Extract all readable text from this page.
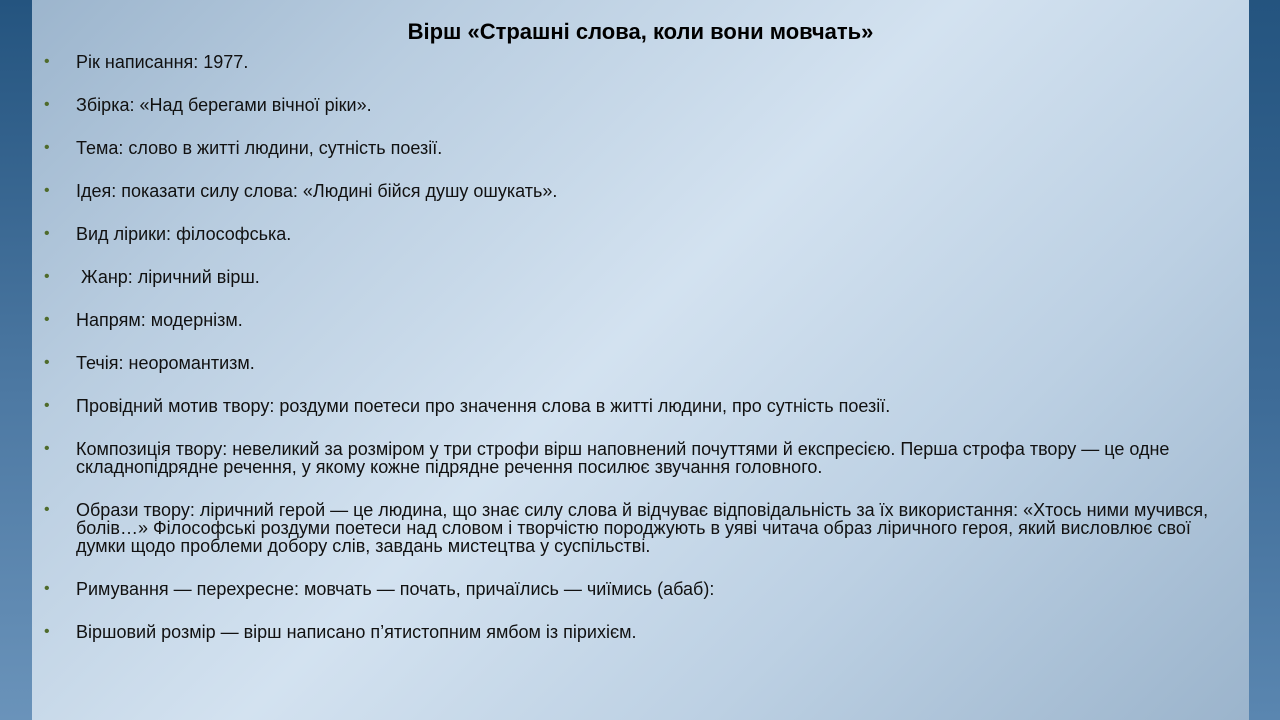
Вірш «Страшні слова, коли вони мовчать»
• Рік написання: 1977.
• Збірка: «Над берегами вічної ріки».
• Тема: слово в житті людини, сутність поезії.
• Ідея: показати силу слова: «Людині бійся душу ошукать».
• Вид лірики: філософська.
• Жанр: ліричний вірш.
• Напрям: модернізм.
• Течія: неоромантизм.
• Провідний мотив твору: роздуми поетеси про значення слова в житті людини, про сутність поезії.
• Композиція твору: невеликий за розміром у три строфи вірш наповнений почуттями й експресією. Перша строфа твору — це одне складнопідрядне речення, у якому кожне підрядне речення посилює звучання головного.
• Образи твору: ліричний герой — це людина, що знає силу слова й відчуває відповідальність за їх використання: «Хтось ними мучився, болів…» Філософські роздуми поетеси над словом і творчістю породжують в уяві читача образ ліричного героя, який висловлює свої думки щодо проблеми добору слів, завдань мистецтва у суспільстві.
• Римування — перехресне: мовчать — почать, причаїлись — чиїмись (абаб):
• Віршовий розмір — вірш написано п’ятистопним ямбом із пірихієм.
